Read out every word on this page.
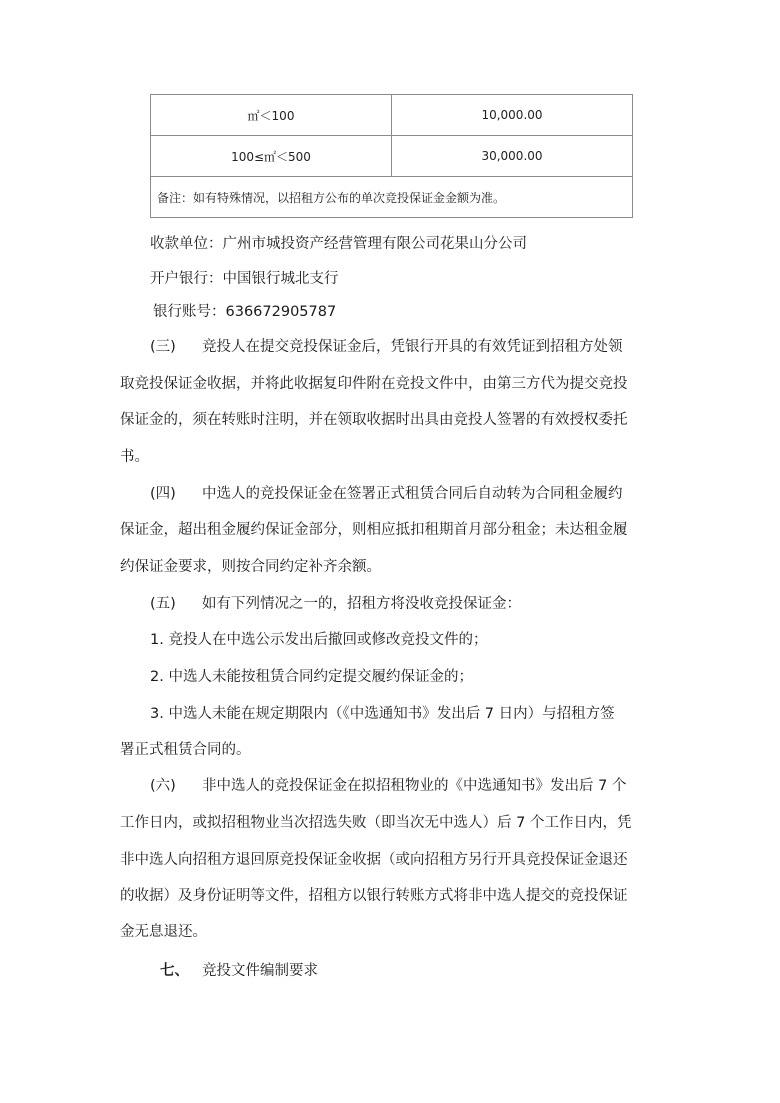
㎡＜100	10,000.00
100≤㎡＜500	30,000.00
备注：如有特殊情况，以招租方公布的单次竞投保证金金额为准。	
收款单位：广州市城投资产经营管理有限公司花果山分公司
开户银行：中国银行城北支行
银行账号：636672905787
(三) 竞投人在提交竞投保证金后，凭银行开具的有效凭证到招租方处领
取竞投保证金收据，并将此收据复印件附在竞投文件中，由第三方代为提交竞投
保证金的，须在转账时注明，并在领取收据时出具由竞投人签署的有效授权委托
书。
(四) 中选人的竞投保证金在签署正式租赁合同后自动转为合同租金履约
保证金，超出租金履约保证金部分，则相应抵扣租期首月部分租金；未达租金履
约保证金要求，则按合同约定补齐余额。
(五) 如有下列情况之一的，招租方将没收竞投保证金：
1. 竞投人在中选公示发出后撤回或修改竞投文件的；
2. 中选人未能按租赁合同约定提交履约保证金的；
3. 中选人未能在规定期限内（《中选通知书》发出后 7 日内）与招租方签
署正式租赁合同的。
(六) 非中选人的竞投保证金在拟招租物业的《中选通知书》发出后 7 个
工作日内，或拟招租物业当次招选失败（即当次无中选人）后 7 个工作日内，凭
非中选人向招租方退回原竞投保证金收据（或向招租方另行开具竞投保证金退还
的收据）及身份证明等文件，招租方以银行转账方式将非中选人提交的竞投保证
金无息退还。
七、 竞投文件编制要求
